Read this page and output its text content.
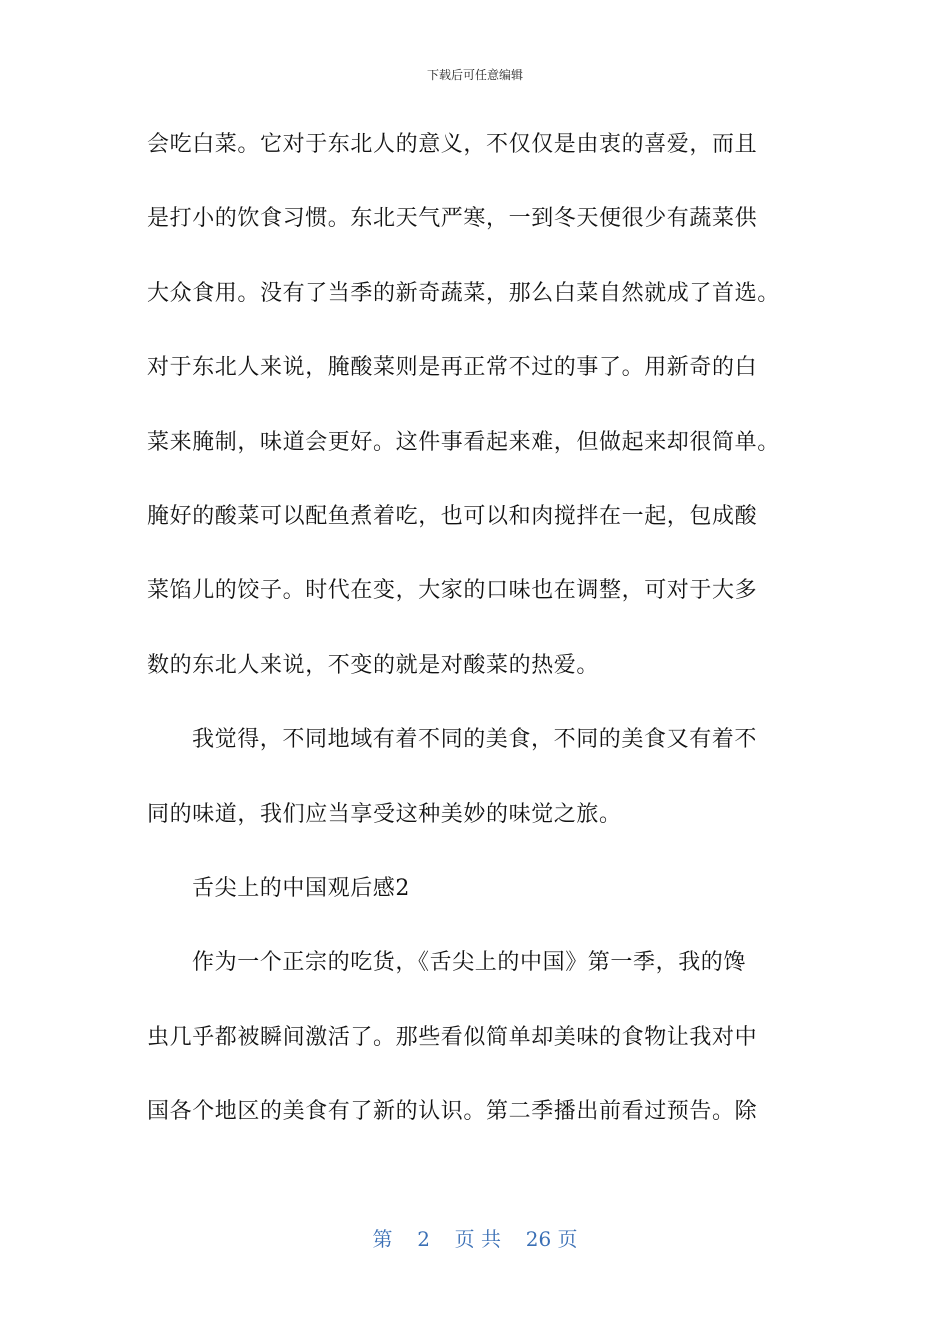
下载后可任意编辑
会吃白菜。它对于东北人的意义，不仅仅是由衷的喜爱，而且
是打小的饮食习惯。东北天气严寒，一到冬天便很少有蔬菜供
大众食用。没有了当季的新奇蔬菜，那么白菜自然就成了首选。
对于东北人来说，腌酸菜则是再正常不过的事了。用新奇的白
菜来腌制，味道会更好。这件事看起来难，但做起来却很简单。
腌好的酸菜可以配鱼煮着吃，也可以和肉搅拌在一起，包成酸
菜馅儿的饺子。时代在变，大家的口味也在调整，可对于大多
数的东北人来说，不变的就是对酸菜的热爱。
我觉得，不同地域有着不同的美食，不同的美食又有着不
同的味道，我们应当享受这种美妙的味觉之旅。
舌尖上的中国观后感2
作为一个正宗的吃货，《舌尖上的中国》第一季，我的馋
虫几乎都被瞬间激活了。那些看似简单却美味的食物让我对中
国各个地区的美食有了新的认识。第二季播出前看过预告。除
第 2 页 共 26 页
